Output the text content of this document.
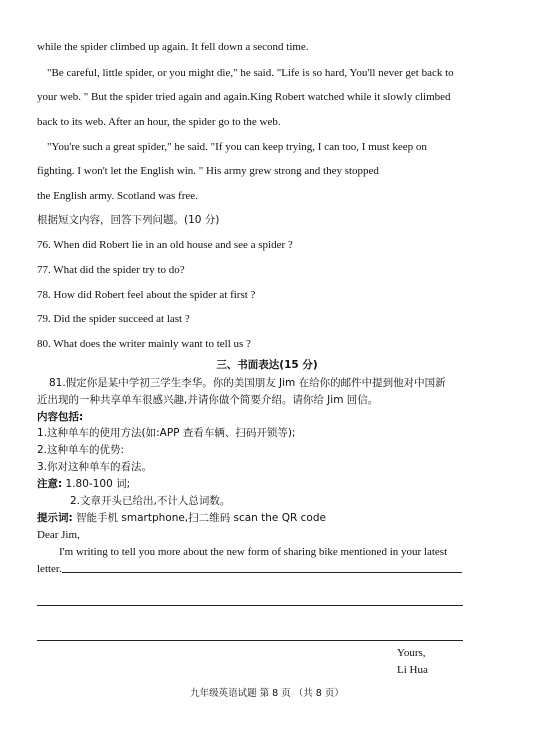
while the spider climbed up again. It fell down a second time.
"Be careful, little spider, or you might die," he said. "Life is so hard, You'll never get back to
your web. " But the spider tried again and again.King Robert watched while it slowly climbed
back to its web. After an hour, the spider go to the web.
"You're such a great spider," he said. "If you can keep trying, I can too, I must keep on
fighting. I won't let the English win. " His army grew strong and they stopped
the English army. Scotland was free.
根据短文内容，回答下列问题。(10 分)
76. When did Robert lie in an old house and see a spider ?
77. What did the spider try to do?
78. How did Robert feel about the spider at first ?
79. Did the spider succeed at last ?
80. What does the writer mainly want to tell us ?
三、书面表达(15 分)
81.假定你是某中学初三学生李华。你的美国朋友 Jim 在给你的邮件中提到他对中国新
近出现的一种共享单车很感兴趣,并请你做个简要介绍。请你给 Jim 回信。
内容包括:
1.这种单车的使用方法(如:APP 查看车辆、扫码开锁等);
2.这种单车的优势:
3.你对这种单车的看法。
注意: 1.80-100 词;
2.文章开头已给出,不计人总词数。
提示词: 智能手机 smartphone,扫二维码 scan the QR code
Dear Jim,
I'm writing to tell you more about the new form of sharing bike mentioned in your latest
letter.
Yours,
Li Hua
九年级英语试题 第 8 页 （共 8 页）
